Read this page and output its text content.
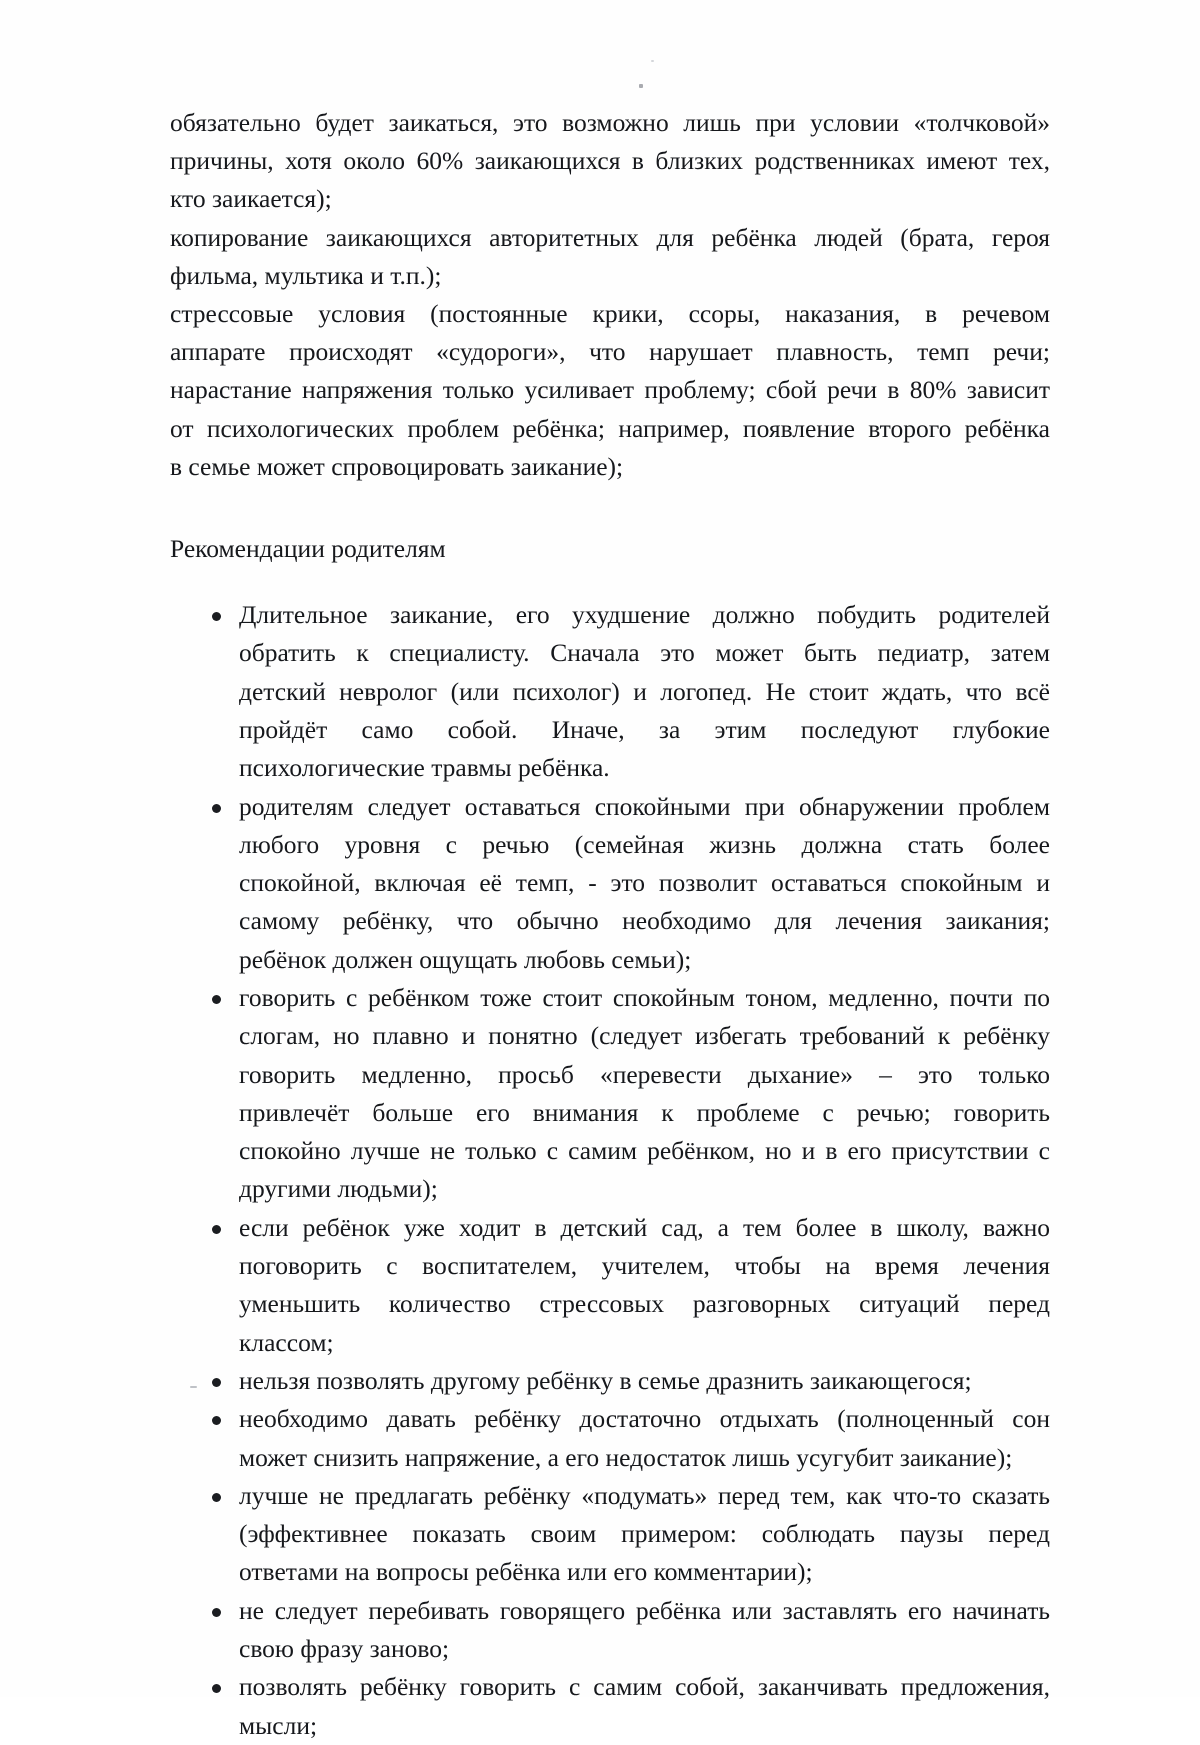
обязательно будет заикаться, это возможно лишь при условии «толчковой»
причины, хотя около 60% заикающихся в близких родственниках имеют тех,
кто заикается);
копирование заикающихся авторитетных для ребёнка людей (брата, героя
фильма, мультика и т.п.);
стрессовые условия (постоянные крики, ссоры, наказания, в речевом
аппарате происходят «судороги», что нарушает плавность, темп речи;
нарастание напряжения только усиливает проблему; сбой речи в 80% зависит
от психологических проблем ребёнка; например, появление второго ребёнка
в семье может спровоцировать заикание);

Рекомендации родителям

Длительное заикание, его ухудшение должно побудить родителей
обратить к специалисту. Сначала это может быть педиатр, затем
детский невролог (или психолог) и логопед. Не стоит ждать, что всё
пройдёт само собой. Иначе, за этим последуют глубокие
психологические травмы ребёнка.
родителям следует оставаться спокойными при обнаружении проблем
любого уровня с речью (семейная жизнь должна стать более
спокойной, включая её темп, - это позволит оставаться спокойным и
самому ребёнку, что обычно необходимо для лечения заикания;
ребёнок должен ощущать любовь семьи);
говорить с ребёнком тоже стоит спокойным тоном, медленно, почти по
слогам, но плавно и понятно (следует избегать требований к ребёнку
говорить медленно, просьб «перевести дыхание» – это только
привлечёт больше его внимания к проблеме с речью; говорить
спокойно лучше не только с самим ребёнком, но и в его присутствии с
другими людьми);
если ребёнок уже ходит в детский сад, а тем более в школу, важно
поговорить с воспитателем, учителем, чтобы на время лечения
уменьшить количество стрессовых разговорных ситуаций перед
классом;
нельзя позволять другому ребёнку в семье дразнить заикающегося;
необходимо давать ребёнку достаточно отдыхать (полноценный сон
может снизить напряжение, а его недостаток лишь усугубит заикание);
лучше не предлагать ребёнку «подумать» перед тем, как что-то сказать
(эффективнее показать своим примером: соблюдать паузы перед
ответами на вопросы ребёнка или его комментарии);
не следует перебивать говорящего ребёнка или заставлять его начинать
свою фразу заново;
позволять ребёнку говорить с самим собой, заканчивать предложения,
мысли;
